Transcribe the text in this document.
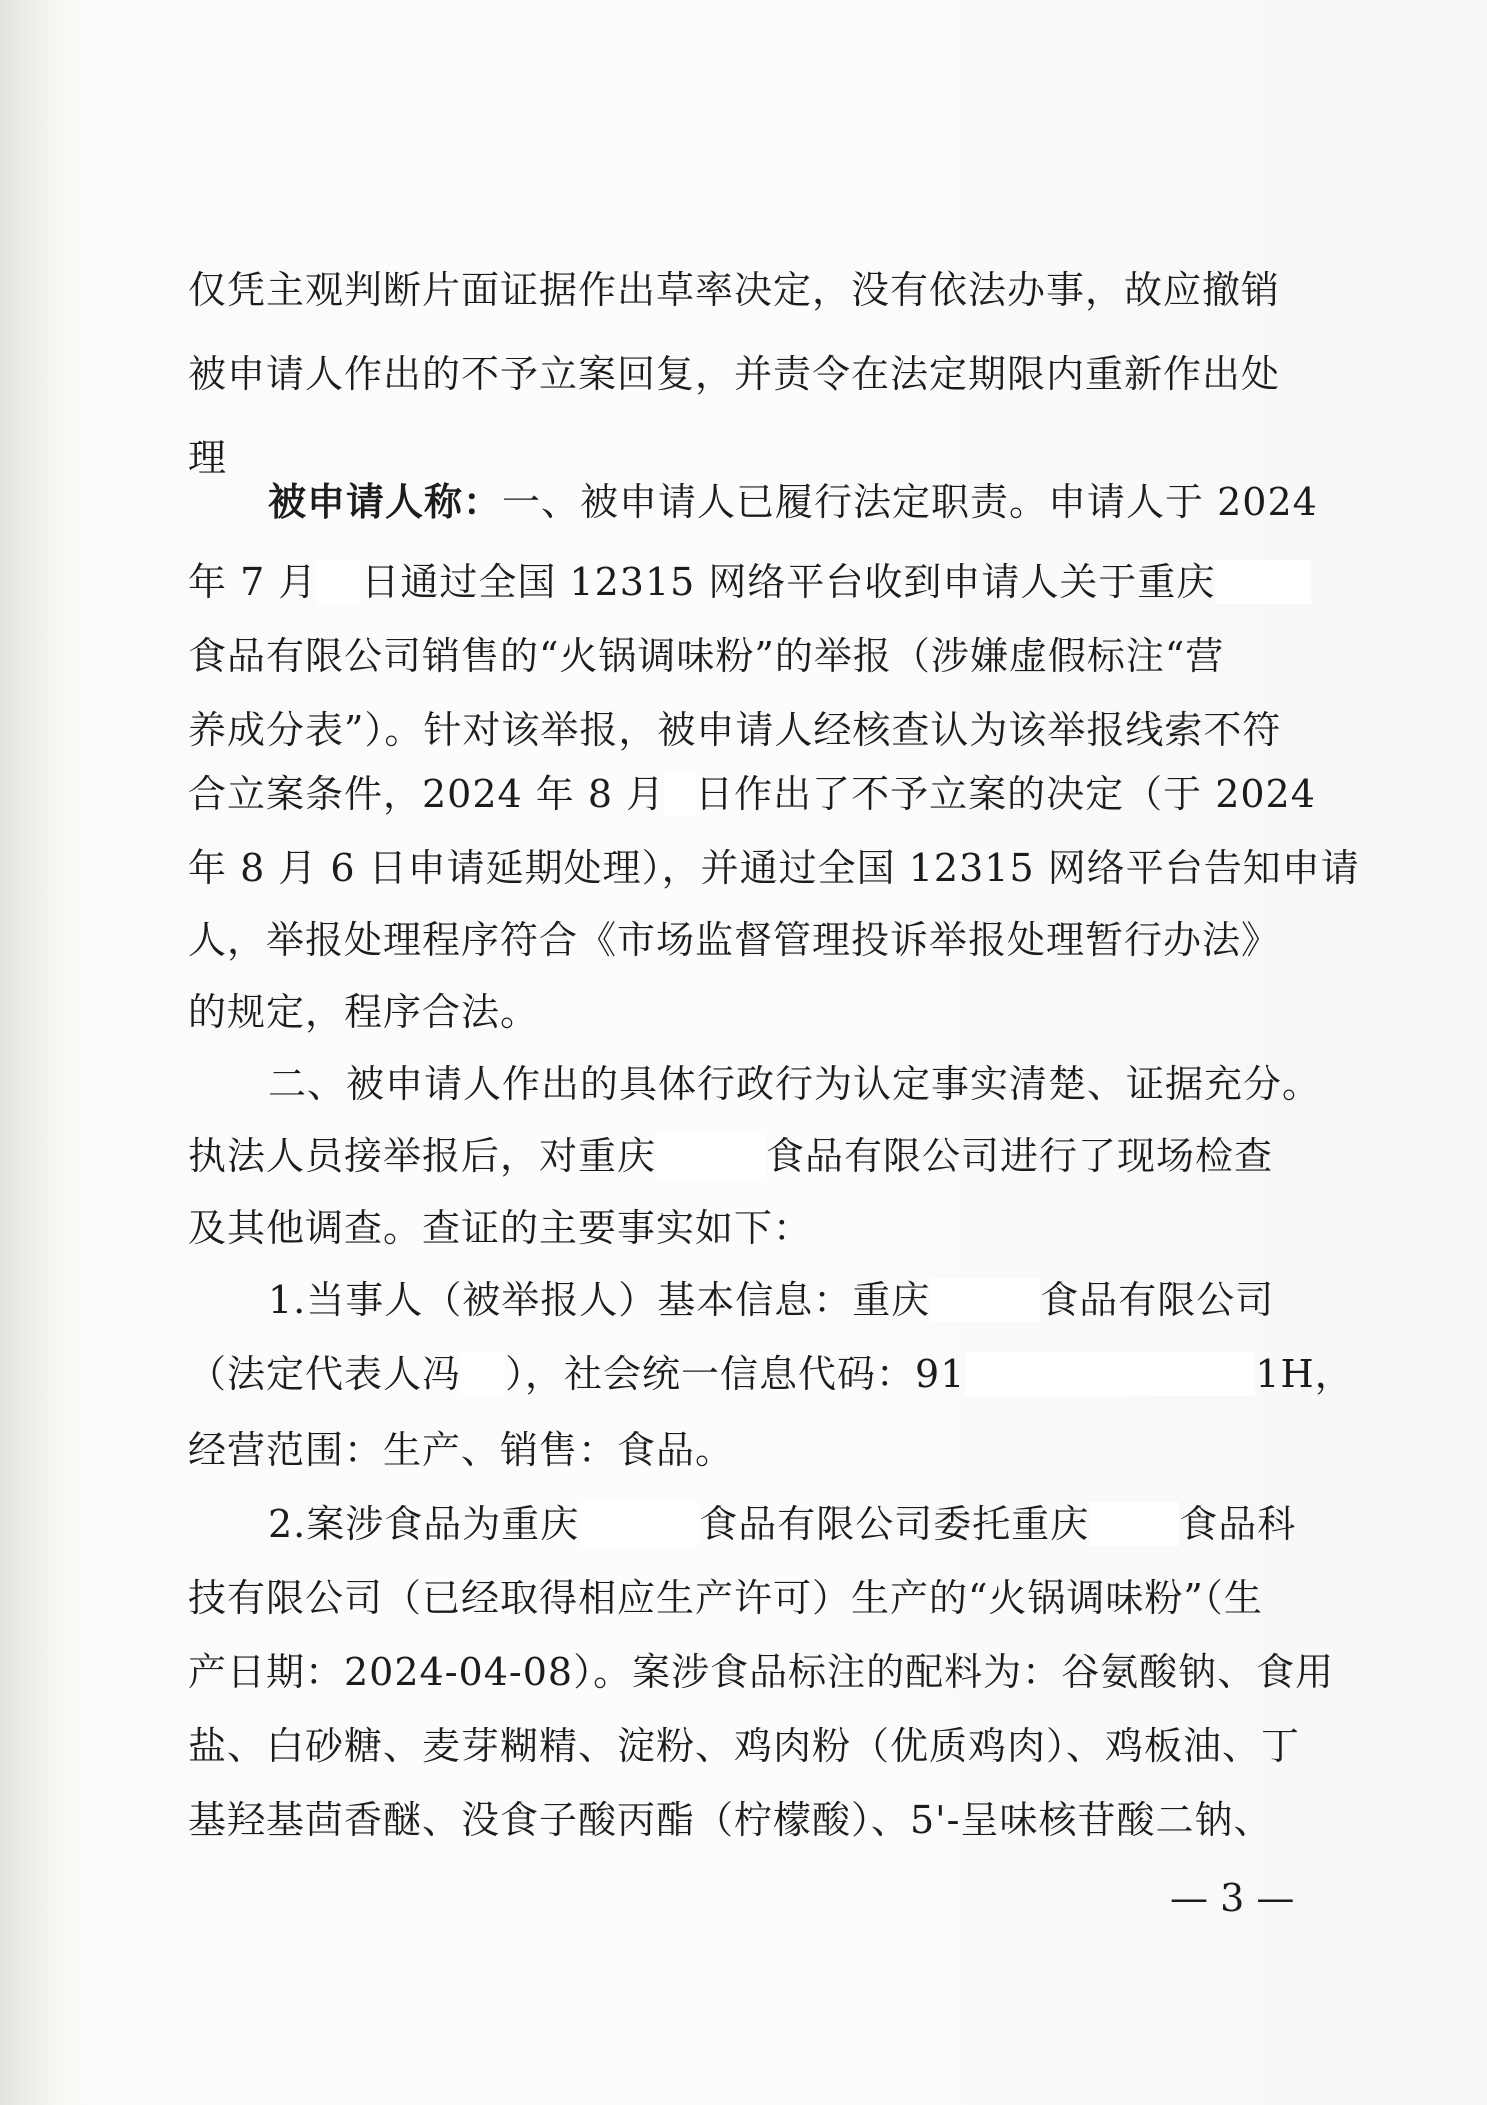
仅凭主观判断片面证据作出草率决定，没有依法办事，故应撤销
被申请人作出的不予立案回复，并责令在法定期限内重新作出处
理
被申请人称：一、被申请人已履行法定职责。申请人于 2024
年 7 月 日通过全国 12315 网络平台收到申请人关于重庆
食品有限公司销售的“火锅调味粉”的举报（涉嫌虚假标注“营
养成分表”）。针对该举报，被申请人经核查认为该举报线索不符
合立案条件，2024 年 8 月 日作出了不予立案的决定（于 2024
年 8 月 6 日申请延期处理），并通过全国 12315 网络平台告知申请
人，举报处理程序符合《市场监督管理投诉举报处理暂行办法》
的规定，程序合法。
二、被申请人作出的具体行政行为认定事实清楚、证据充分。
执法人员接举报后，对重庆	食品有限公司进行了现场检查
及其他调查。查证的主要事实如下：
1.当事人（被举报人）基本信息：重庆	食品有限公司
（法定代表人冯 ），社会统一信息代码：91	1H，
经营范围：生产、销售：食品。
2.案涉食品为重庆	食品有限公司委托重庆 食品科
技有限公司（已经取得相应生产许可）生产的“火锅调味粉”（生
产日期：2024-04-08）。案涉食品标注的配料为：谷氨酸钠、食用
盐、白砂糖、麦芽糊精、淀粉、鸡肉粉（优质鸡肉）、鸡板油、丁
基羟基茴香醚、没食子酸丙酯（柠檬酸）、5'-呈味核苷酸二钠、
— 3 —
